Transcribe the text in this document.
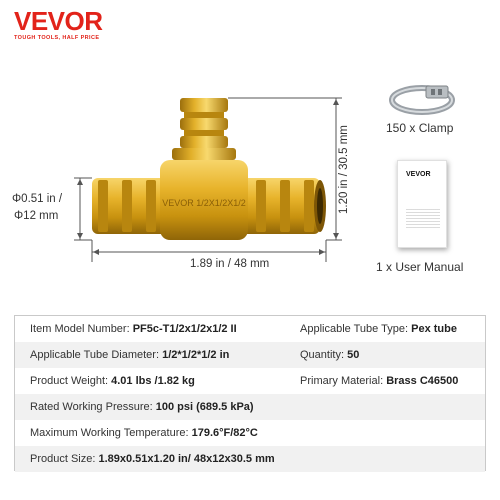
VEVOR
TOUGH TOOLS, HALF PRICE
VEVOR 1/2X1/2X1/2
Φ0.51 in /
Φ12 mm
1.89 in / 48 mm
1.20 in / 30.5 mm	150 x Clamp
VEVOR
1 x User Manual
Item Model Number: PF5c-T1/2x1/2x1/2 II	Applicable Tube Type: Pex tube
Applicable Tube Diameter: 1/2*1/2*1/2 in	Quantity: 50
Product Weight: 4.01 lbs /1.82 kg	Primary Material: Brass C46500
Rated Working Pressure: 100 psi (689.5 kPa)
Maximum Working Temperature: 179.6°F/82°C
Product Size: 1.89x0.51x1.20 in/ 48x12x30.5 mm
